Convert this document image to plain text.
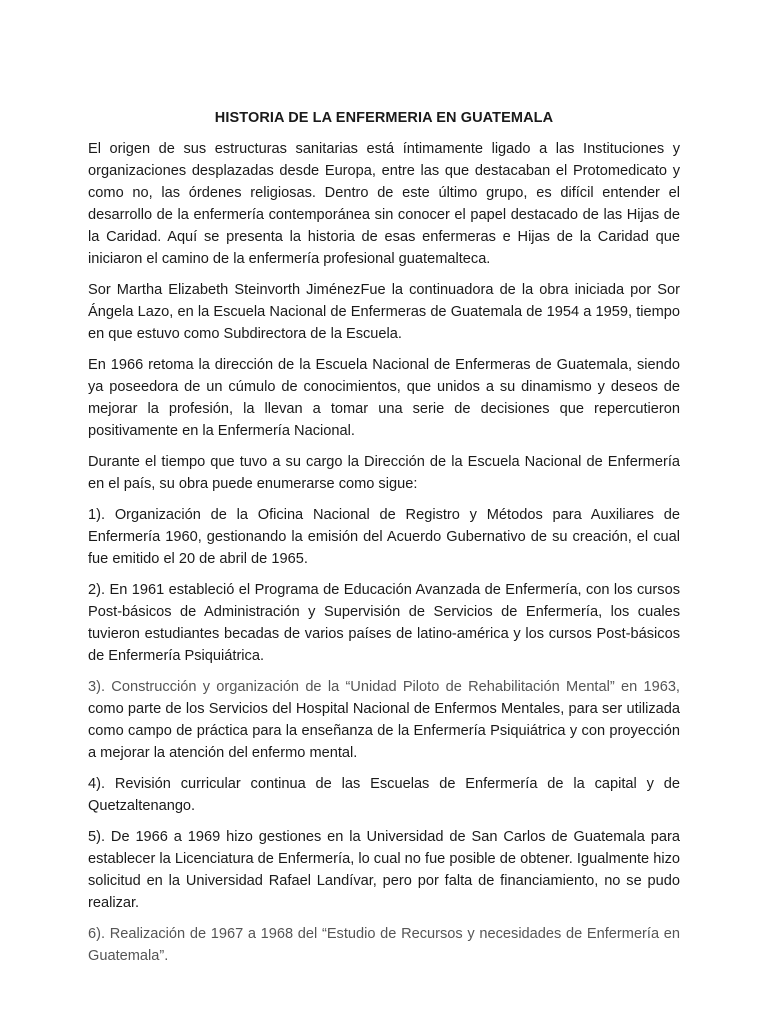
HISTORIA DE LA ENFERMERIA EN GUATEMALA

El origen de sus estructuras sanitarias está íntimamente ligado a las Instituciones y organizaciones desplazadas desde Europa, entre las que destacaban el Protomedicato y como no, las órdenes religiosas. Dentro de este último grupo, es difícil entender el desarrollo de la enfermería contemporánea sin conocer el papel destacado de las Hijas de la Caridad. Aquí se presenta la historia de esas enfermeras e Hijas de la Caridad que iniciaron el camino de la enfermería profesional guatemalteca.

Sor Martha Elizabeth Steinvorth JiménezFue la continuadora de la obra iniciada por Sor Ángela Lazo, en la Escuela Nacional de Enfermeras de Guatemala de 1954 a 1959, tiempo en que estuvo como Subdirectora de la Escuela.

En 1966 retoma la dirección de la Escuela Nacional de Enfermeras de Guatemala, siendo ya poseedora de un cúmulo de conocimientos, que unidos a su dinamismo y deseos de mejorar la profesión, la llevan a tomar una serie de decisiones que repercutieron positivamente en la Enfermería Nacional.

Durante el tiempo que tuvo a su cargo la Dirección de la Escuela Nacional de Enfermería en el país, su obra puede enumerarse como sigue:

1). Organización de la Oficina Nacional de Registro y Métodos para Auxiliares de Enfermería 1960, gestionando la emisión del Acuerdo Gubernativo de su creación, el cual fue emitido el 20 de abril de 1965.

2). En 1961 estableció el Programa de Educación Avanzada de Enfermería, con los cursos Post-básicos de Administración y Supervisión de Servicios de Enfermería, los cuales tuvieron estudiantes becadas de varios países de latino-américa y los cursos Post-básicos de Enfermería Psiquiátrica.

3). Construcción y organización de la “Unidad Piloto de Rehabilitación Mental” en 1963, como parte de los Servicios del Hospital Nacional de Enfermos Mentales, para ser utilizada como campo de práctica para la enseñanza de la Enfermería Psiquiátrica y con proyección a mejorar la atención del enfermo mental.

4). Revisión curricular continua de las Escuelas de Enfermería de la capital y de Quetzaltenango.

5). De 1966 a 1969 hizo gestiones en la Universidad de San Carlos de Guatemala para establecer la Licenciatura de Enfermería, lo cual no fue posible de obtener. Igualmente hizo solicitud en la Universidad Rafael Landívar, pero por falta de financiamiento, no se pudo realizar.

6). Realización de 1967 a 1968 del “Estudio de Recursos y necesidades de Enfermería en Guatemala”.
